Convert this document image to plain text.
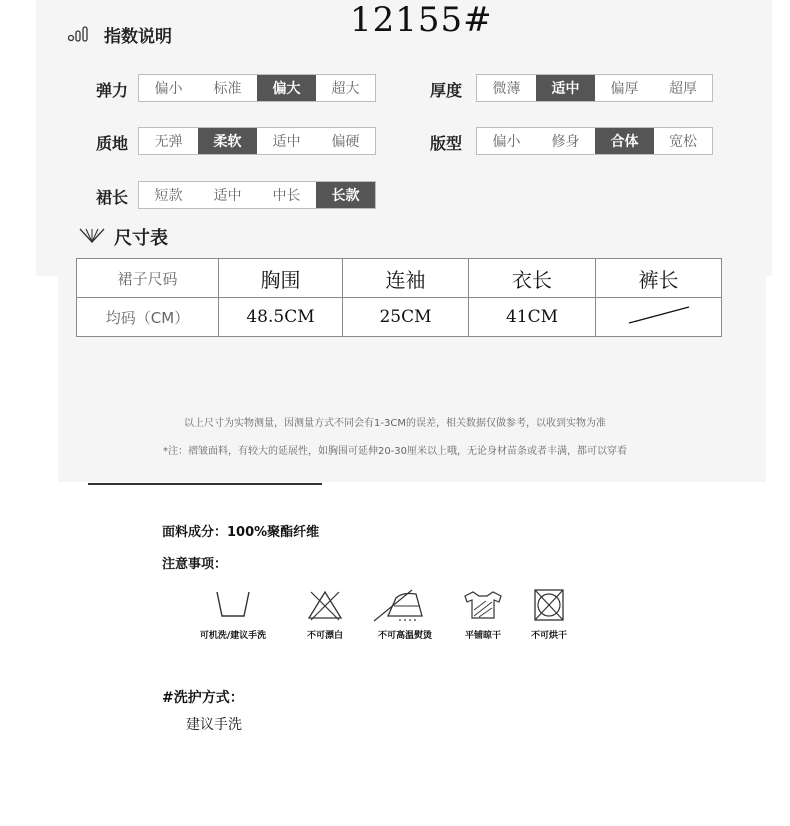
指数说明	12155#
弹力	偏小	标准	偏大	超大	厚度	微薄	适中	偏厚	超厚
质地	无弹	柔软	适中	偏硬	版型	偏小	修身	合体	宽松
裙长	短款	适中	中长	长款
尺寸表
裙子尺码	胸围	连袖	衣长	裤长
均码（CM）	48.5CM	25CM	41CM	
以上尺寸为实物测量，因测量方式不同会有1-3CM的误差，相关数据仅做参考，以收到实物为准
*注：褶皱面料，有较大的延展性，如胸围可延伸20-30厘米以上哦，无论身材苗条或者丰满，都可以穿看
面料成分：100%聚酯纤维
注意事项：
可机洗/建议手洗	不可漂白	不可高温熨烫	平铺晾干	不可烘干
#洗护方式：
建议手洗
